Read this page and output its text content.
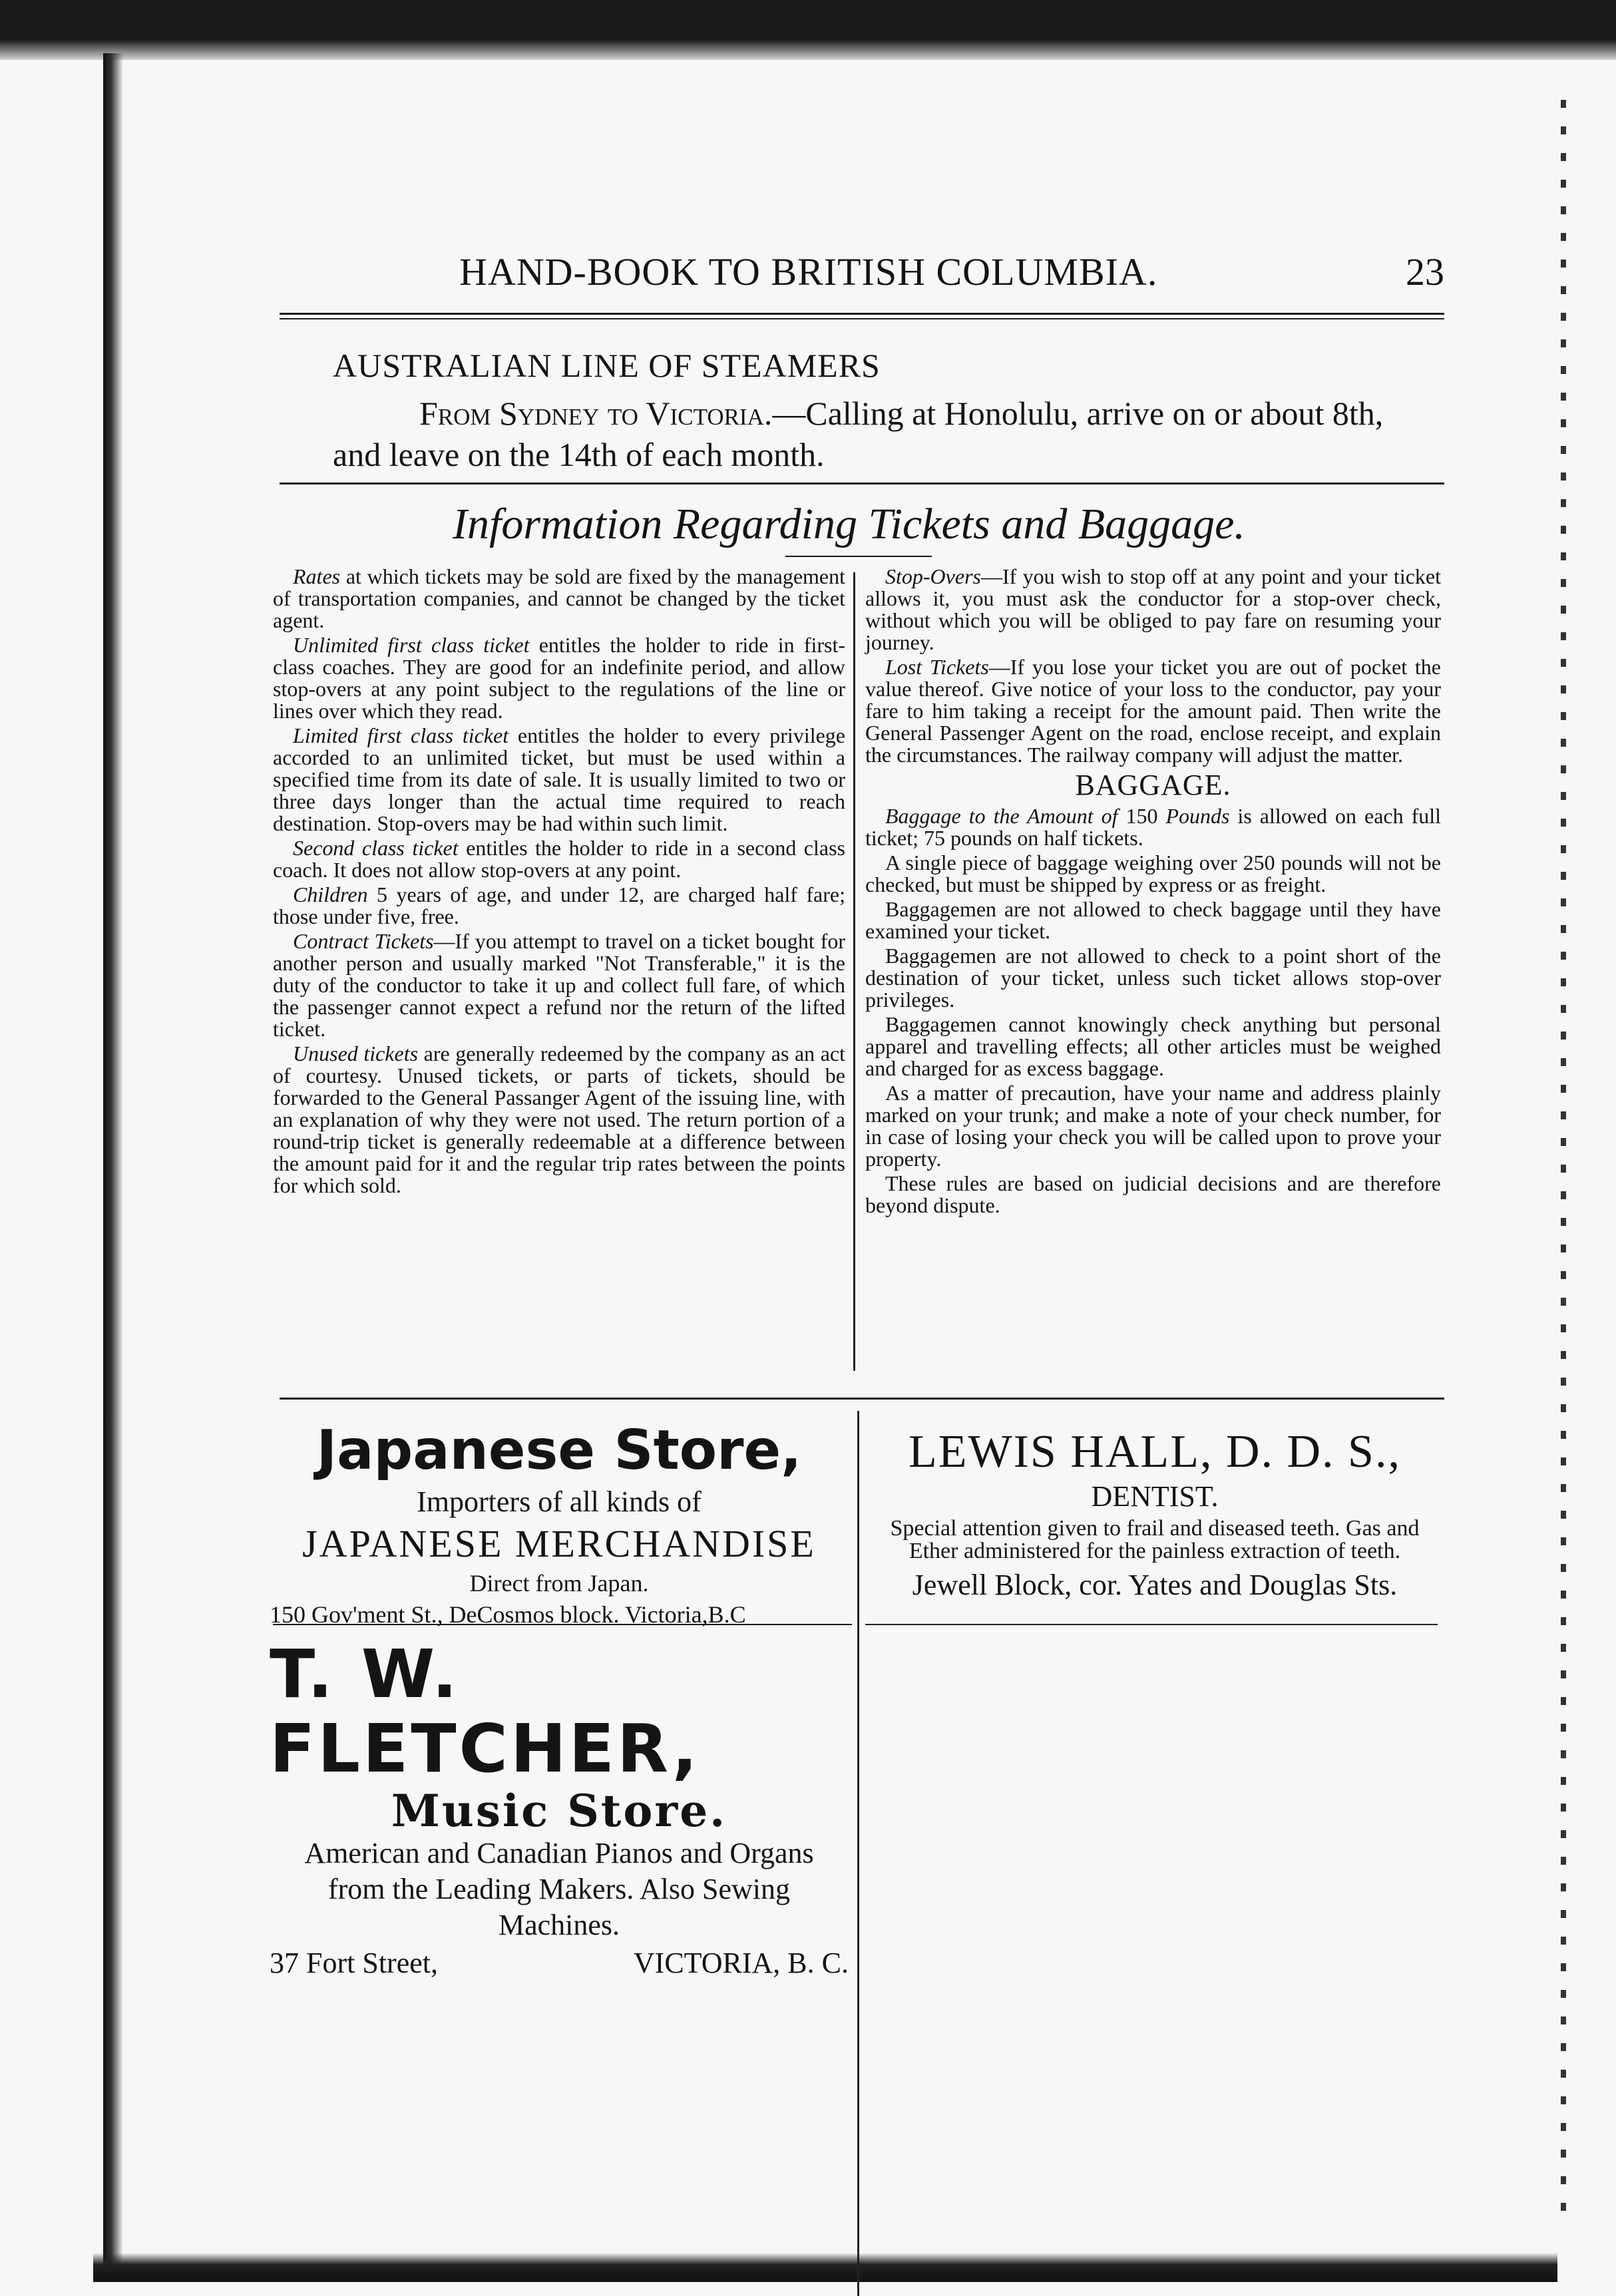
HAND-BOOK TO BRITISH COLUMBIA.	23
AUSTRALIAN LINE OF STEAMERS
From Sydney to Victoria.—Calling at Honolulu, arrive on or about 8th, and leave on the 14th of each month.
Information Regarding Tickets and Baggage.

Rates at which tickets may be sold are fixed by the management of transportation companies, and cannot be changed by the ticket agent.

Unlimited first class ticket entitles the holder to ride in first-class coaches. They are good for an indefinite period, and allow stop-overs at any point subject to the regulations of the line or lines over which they read.

Limited first class ticket entitles the holder to every privilege accorded to an unlimited ticket, but must be used within a specified time from its date of sale. It is usually limited to two or three days longer than the actual time required to reach destination. Stop-overs may be had within such limit.

Second class ticket entitles the holder to ride in a second class coach. It does not allow stop-overs at any point.

Children 5 years of age, and under 12, are charged half fare; those under five, free.

Contract Tickets—If you attempt to travel on a ticket bought for another person and usually marked "Not Transferable," it is the duty of the conductor to take it up and collect full fare, of which the passenger cannot expect a refund nor the return of the lifted ticket.

Unused tickets are generally redeemed by the company as an act of courtesy. Unused tickets, or parts of tickets, should be forwarded to the General Passanger Agent of the issuing line, with an explanation of why they were not used. The return portion of a round-trip ticket is generally redeemable at a difference between the amount paid for it and the regular trip rates between the points for which sold.

Stop-Overs—If you wish to stop off at any point and your ticket allows it, you must ask the conductor for a stop-over check, without which you will be obliged to pay fare on resuming your journey.

Lost Tickets—If you lose your ticket you are out of pocket the value thereof. Give notice of your loss to the conductor, pay your fare to him taking a receipt for the amount paid. Then write the General Passenger Agent on the road, enclose receipt, and explain the circumstances. The railway company will adjust the matter.

BAGGAGE.

Baggage to the Amount of 150 Pounds is allowed on each full ticket; 75 pounds on half tickets.

A single piece of baggage weighing over 250 pounds will not be checked, but must be shipped by express or as freight.

Baggagemen are not allowed to check baggage until they have examined your ticket.

Baggagemen are not allowed to check to a point short of the destination of your ticket, unless such ticket allows stop-over privileges.

Baggagemen cannot knowingly check anything but personal apparel and travelling effects; all other articles must be weighed and charged for as excess baggage.

As a matter of precaution, have your name and address plainly marked on your trunk; and make a note of your check number, for in case of losing your check you will be called upon to prove your property.

These rules are based on judicial decisions and are therefore beyond dispute.

Japanese Store,
Importers of all kinds of
JAPANESE MERCHANDISE
Direct from Japan.
150 Gov'ment St., DeCosmos block. Victoria,B.C
LEWIS HALL, D. D. S.,
DENTIST.
Special attention given to frail and diseased teeth. Gas and Ether administered for the painless extraction of teeth.
Jewell Block, cor. Yates and Douglas Sts.
T. W. FLETCHER,
Music Store.
American and Canadian Pianos and Organs from the Leading Makers. Also Sewing Machines.
37 Fort Street,	VICTORIA, B. C.
